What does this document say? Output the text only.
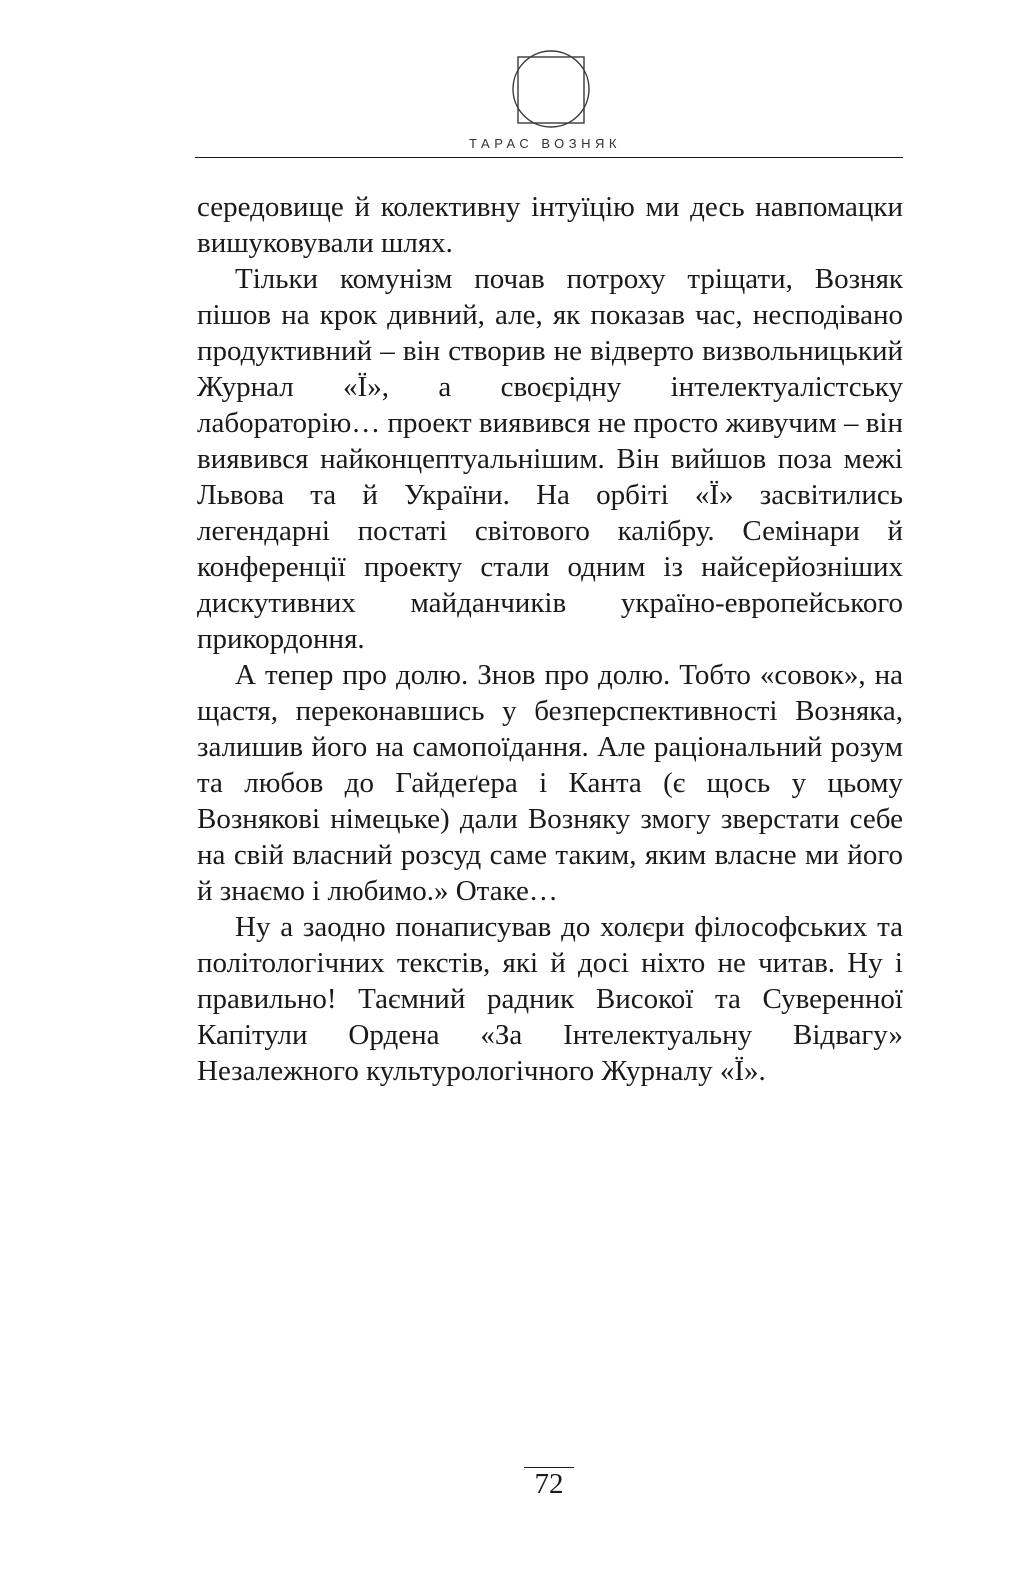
ТАРАС ВОЗНЯК

середовище й колективну інтуїцію ми десь навпомацки вишуковували шлях.

Тільки комунізм почав потроху тріщати, Возняк пішов на крок дивний, але, як показав час, несподівано продуктивний – він створив не відверто визвольницький Журнал «Ї», а своєрідну інтелектуалістську лабораторію… проект виявився не просто живучим – він виявився найконцептуальнішим. Він вийшов поза межі Львова та й України. На орбіті «Ї» засвітились легендарні постаті світового калібру. Семінари й конференції проекту стали одним із найсерйозніших дискутивних майданчиків україно-европейського прикордоння.

А тепер про долю. Знов про долю. Тобто «совок», на щастя, переконавшись у безперспективності Возняка, залишив його на самопоїдання. Але раціональний розум та любов до Гайдеґера і Канта (є щось у цьому Вознякові німецьке) дали Возняку змогу зверстати себе на свій власний розсуд саме таким, яким власне ми його й знаємо і любимо.» Отаке…

Ну а заодно понаписував до холєри філософських та політологічних текстів, які й досі ніхто не читав. Ну і правильно! Таємний радник Високої та Суверенної Капітули Ордена «За Інтелектуальну Відвагу» Незалежного культурологічного Журналу «Ї».

72
